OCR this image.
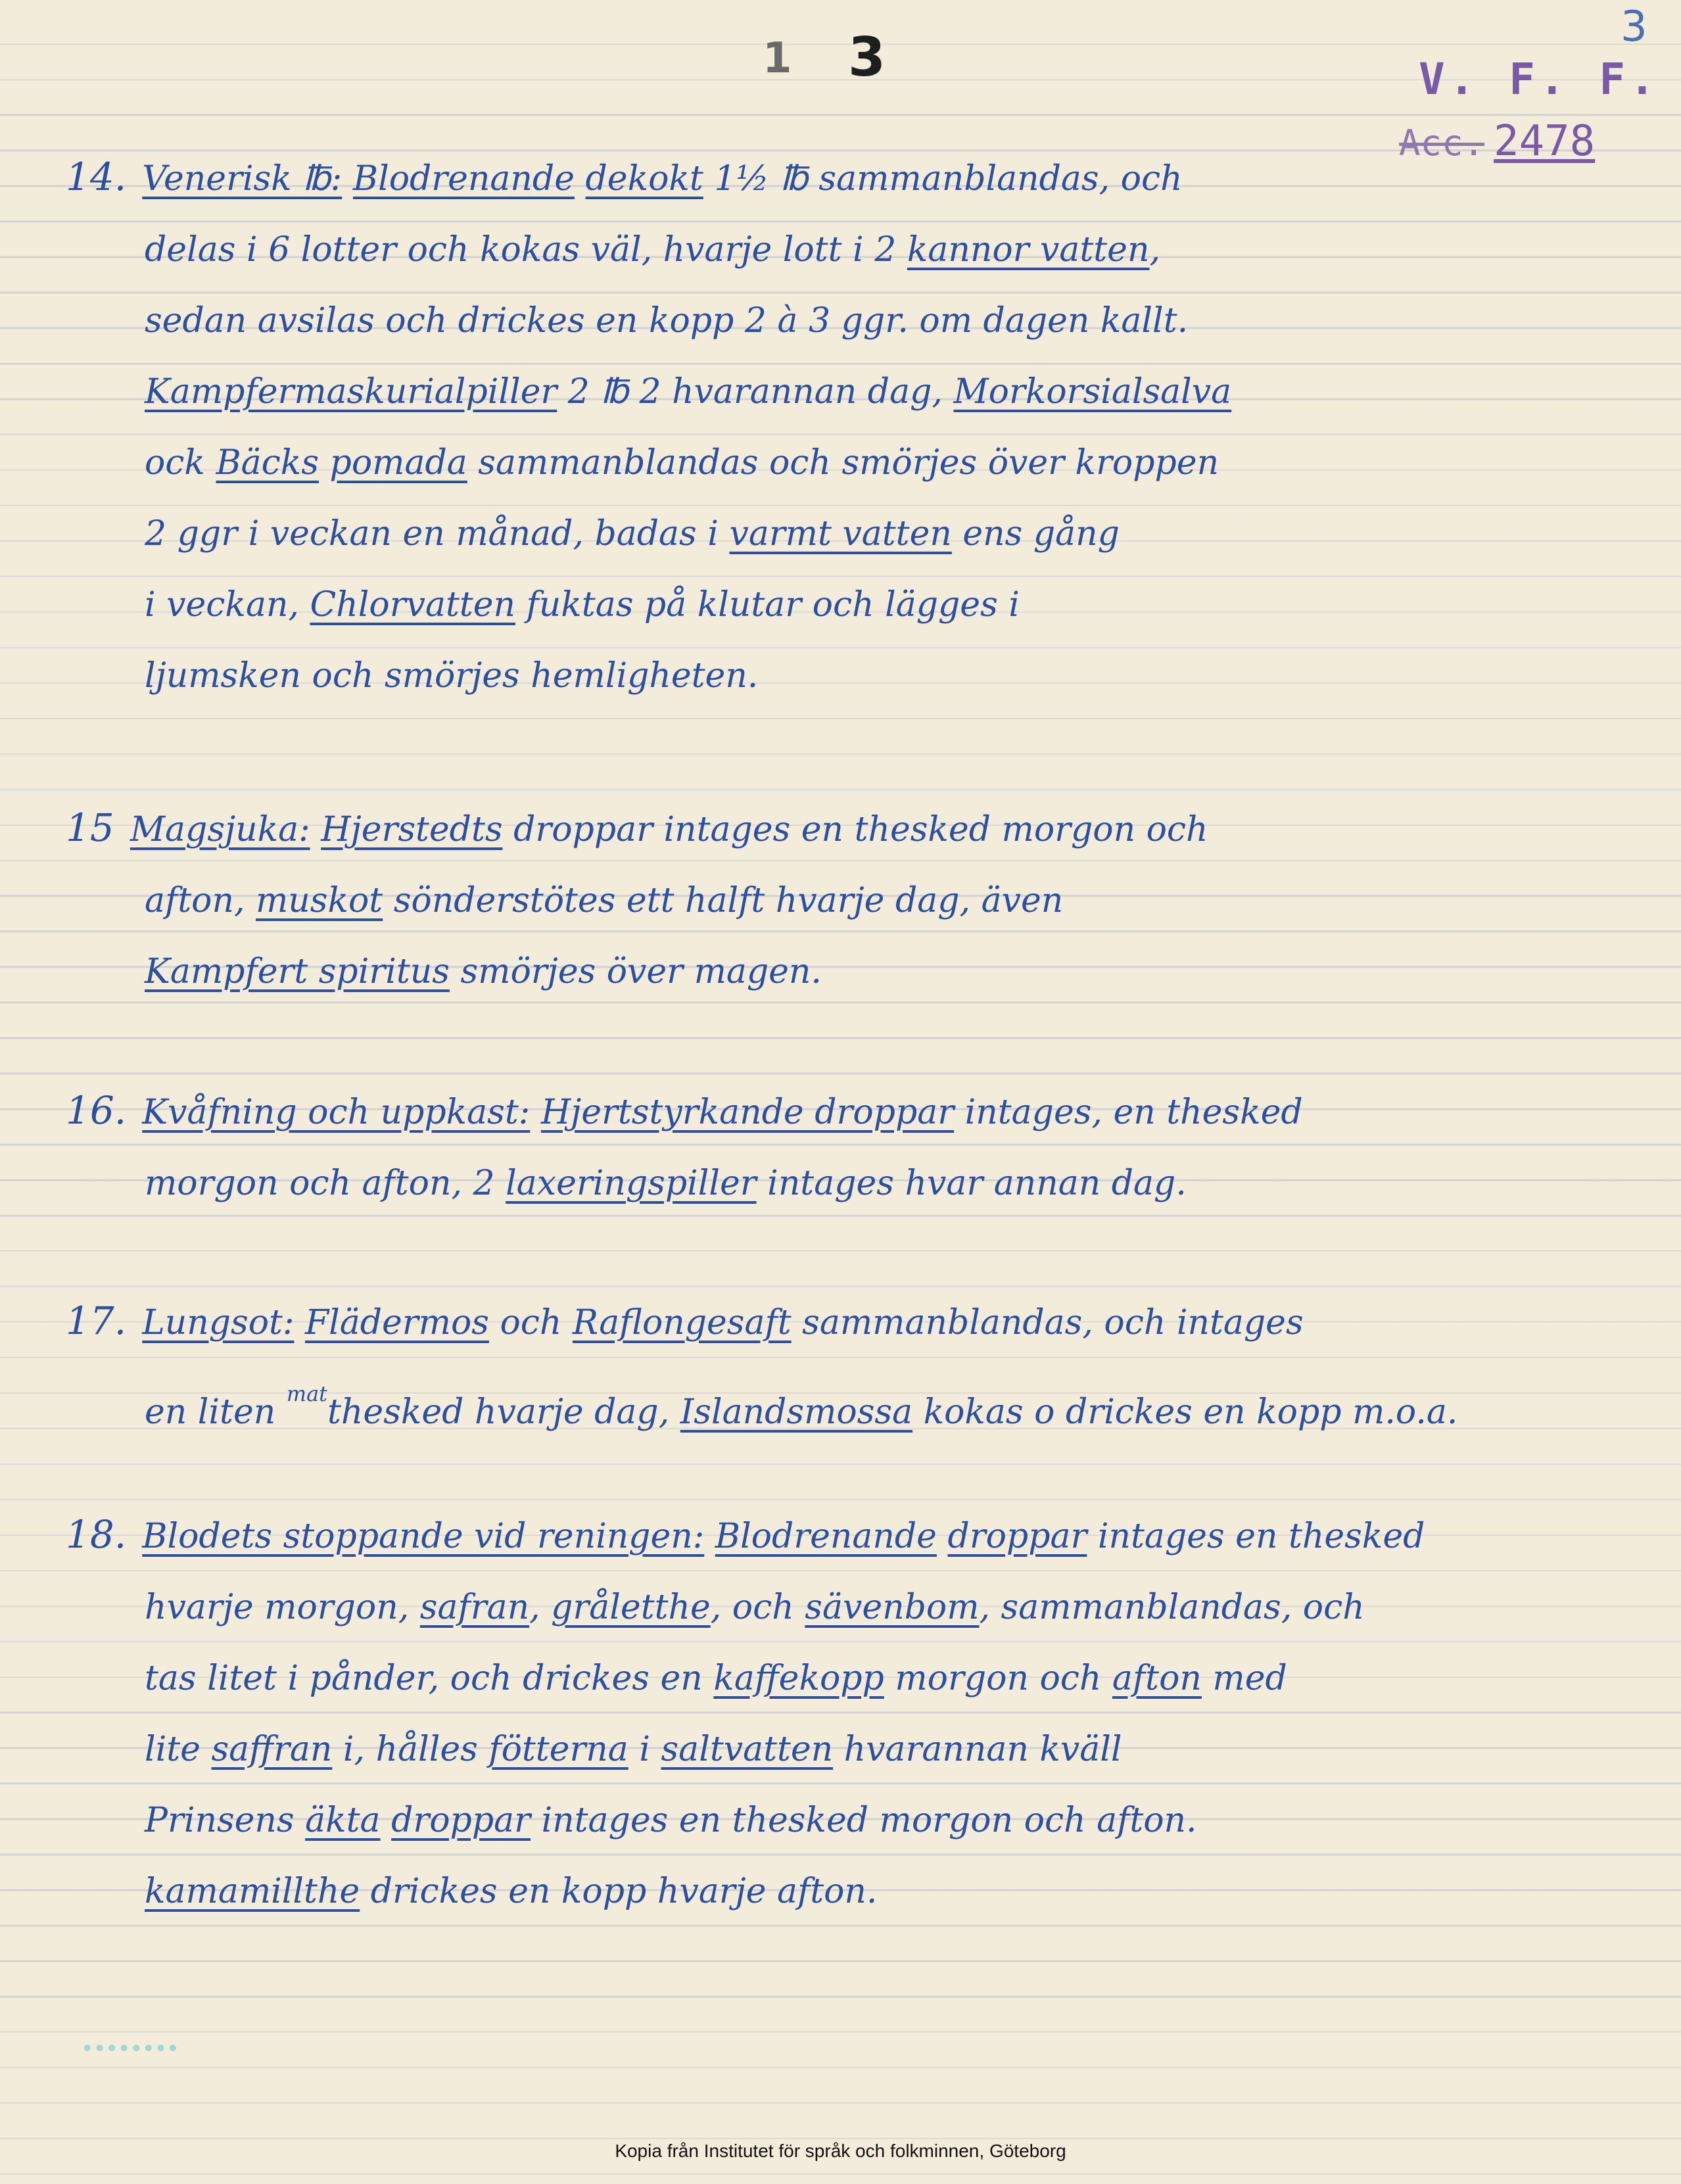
1 3	3
V. F. F.
Acc. 2478
14. Venerisk ℔: Blodrenande dekokt 1½ ℔ sammanblandas, och
delas i 6 lotter och kokas väl, hvarje lott i 2 kannor vatten,
sedan avsilas och drickes en kopp 2 à 3 ggr. om dagen kallt.
Kampfermaskurialpiller 2 ℔ 2 hvarannan dag, Morkorsialsalva
ock Bäcks pomada sammanblandas och smörjes över kroppen
2 ggr i veckan en månad, badas i varmt vatten ens gång
i veckan, Chlorvatten fuktas på klutar och lägges i
ljumsken och smörjes hemligheten.
15 Magsjuka: Hjerstedts droppar intages en thesked morgon och
afton, muskot sönderstötes ett halft hvarje dag, även
Kampfert spiritus smörjes över magen.
16. Kvåfning och uppkast: Hjertstyrkande droppar intages, en thesked
morgon och afton, 2 laxeringspiller intages hvar annan dag.
17. Lungsot: Flädermos och Raflongesaft sammanblandas, och intages
en liten $^{mat}$thesked hvarje dag, Islandsmossa kokas o drickes en kopp m.o.a.
18. Blodets stoppande vid reningen: Blodrenande droppar intages en thesked
hvarje morgon, safran, gråletthe, och sävenbom, sammanblandas, och
tas litet i pånder, och drickes en kaffekopp morgon och afton med
lite saffran i, hålles fötterna i saltvatten hvarannan kväll
Prinsens äkta droppar intages en thesked morgon och afton.
kamamillthe drickes en kopp hvarje afton.
Kopia från Institutet för språk och folkminnen, Göteborg
